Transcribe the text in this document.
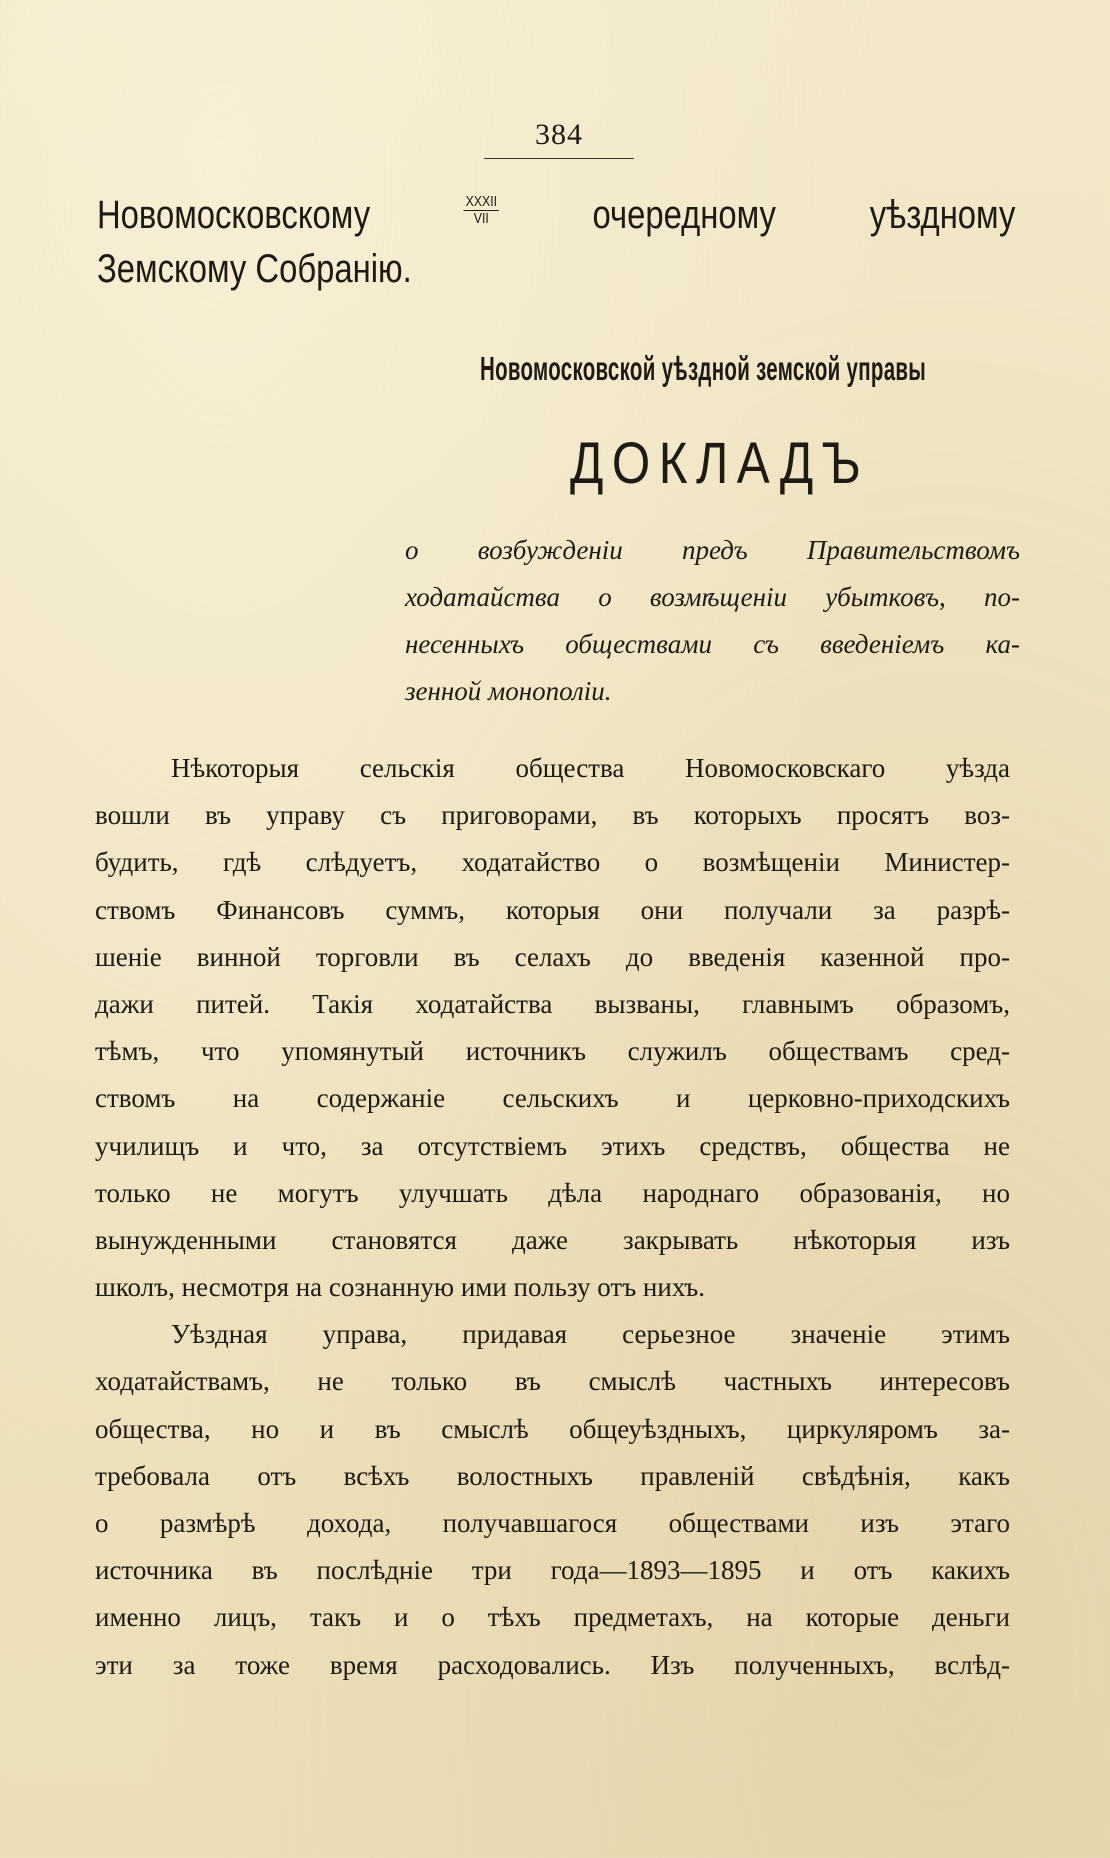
384
Новомосковскому	$\frac{\text{XXXII}}{\text{VII}}$ очередному уѣздному
Земскому Собранію.
Новомосковской уѣздной земской управы
ДОКЛАДЪ
о возбужденіи предъ Правительствомъ
ходатайства о возмѣщеніи убытковъ, по-
несенныхъ обществами съ введеніемъ ка-
зенной монополіи.
Нѣкоторыя сельскія общества Новомосковскаго уѣзда
вошли въ управу съ приговорами, въ которыхъ просятъ воз-
будить, гдѣ слѣдуетъ, ходатайство о возмѣщеніи Министер-
ствомъ Финансовъ суммъ, которыя они получали за разрѣ-
шеніе винной торговли въ селахъ до введенія казенной про-
дажи питей. Такія ходатайства вызваны, главнымъ образомъ,
тѣмъ, что упомянутый источникъ служилъ обществамъ сред-
ствомъ на содержаніе сельскихъ и церковно-приходскихъ
училищъ и что, за отсутствіемъ этихъ средствъ, общества не
только не могутъ улучшать дѣла народнаго образованія, но
вынужденными становятся даже закрывать нѣкоторыя изъ
школъ, несмотря на сознанную ими пользу отъ нихъ.
Уѣздная управа, придавая серьезное значеніе этимъ
ходатайствамъ, не только въ смыслѣ частныхъ интересовъ
общества, но и въ смыслѣ общеуѣздныхъ, циркуляромъ за-
требовала отъ всѣхъ волостныхъ правленій свѣдѣнія, какъ
о размѣрѣ дохода, получавшагося обществами изъ этаго
источника въ послѣдніе три года—1893—1895 и отъ какихъ
именно лицъ, такъ и о тѣхъ предметахъ, на которые деньги
эти за тоже время расходовались. Изъ полученныхъ, вслѣд-
